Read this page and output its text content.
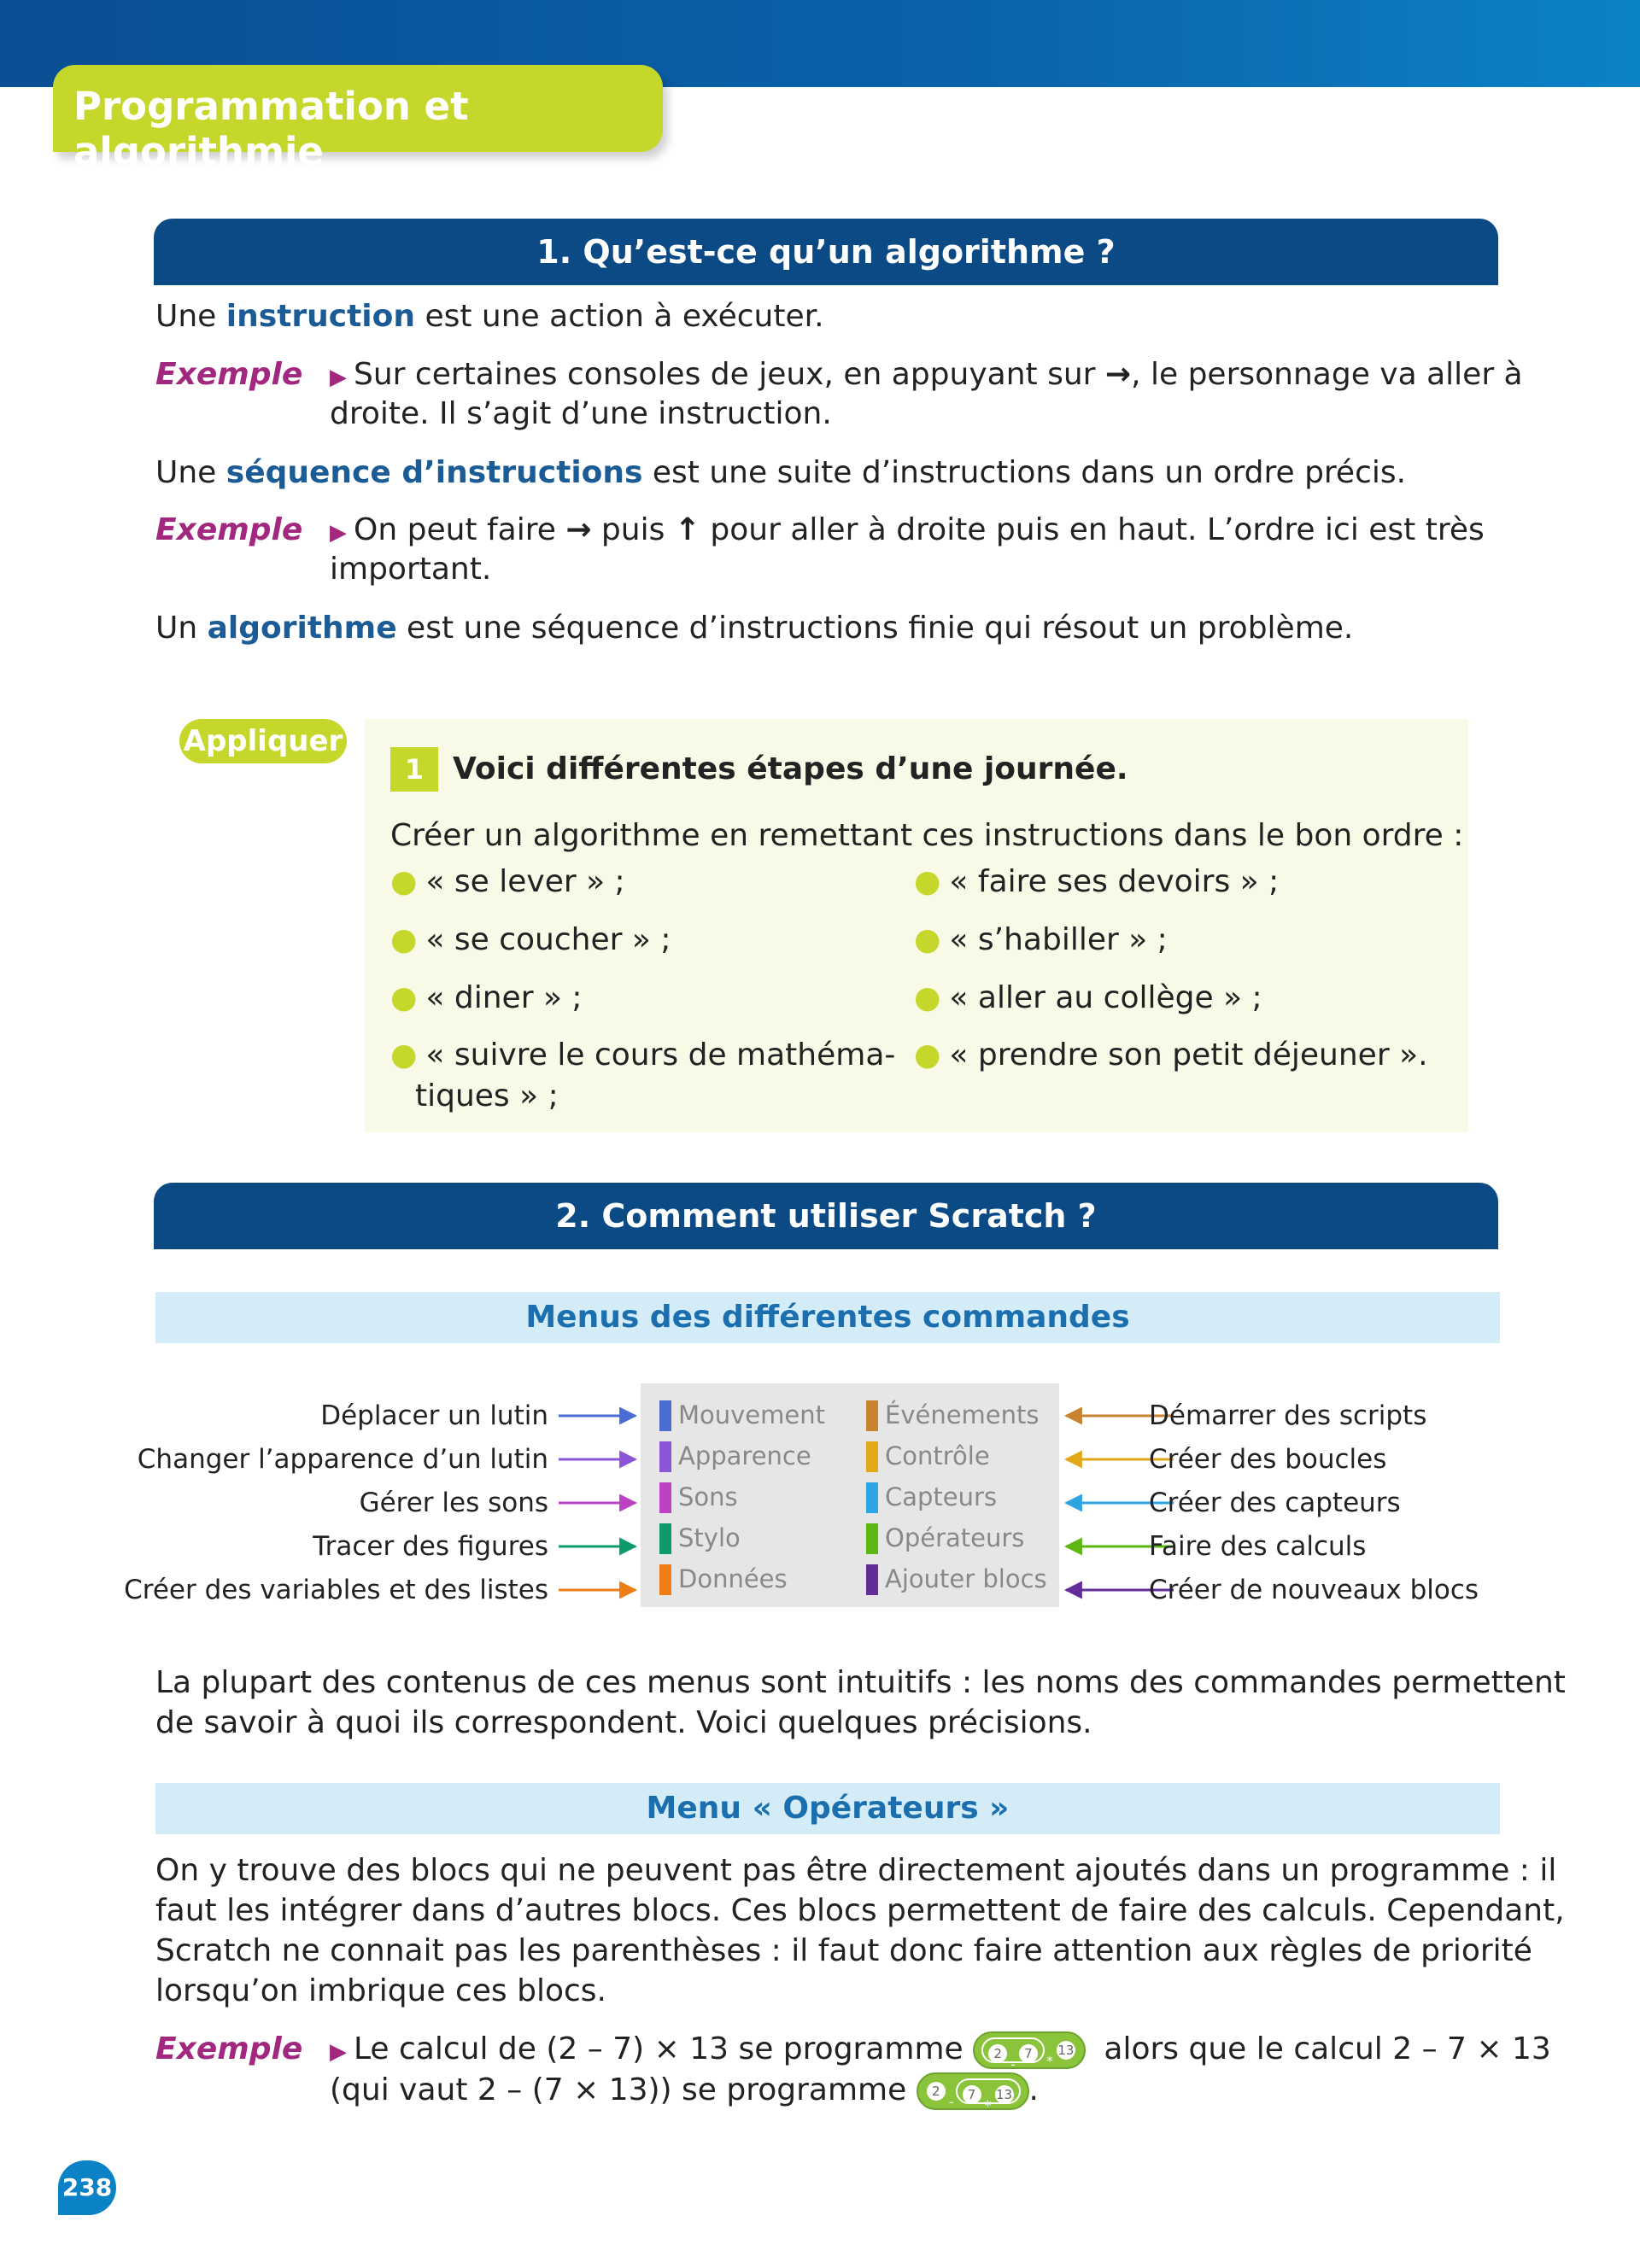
Programmation et algorithmie
1. Qu’est-ce qu’un algorithme ?
Une instruction est une action à exécuter.
Exemple ▶ Sur certaines consoles de jeux, en appuyant sur →, le personnage va aller à
droite. Il s’agit d’une instruction.
Une séquence d’instructions est une suite d’instructions dans un ordre précis.
Exemple ▶ On peut faire → puis ↑ pour aller à droite puis en haut. L’ordre ici est très
important.
Un algorithme est une séquence d’instructions finie qui résout un problème.
Appliquer
1 Voici différentes étapes d’une journée.
Créer un algorithme en remettant ces instructions dans le bon ordre :
● « se lever » ;
● « se coucher » ;
● « diner » ;
● « suivre le cours de mathéma-
tiques » ;
● « faire ses devoirs » ;
● « s’habiller » ;
● « aller au collège » ;
● « prendre son petit déjeuner ».
2. Comment utiliser Scratch ?
Menus des différentes commandes
Déplacer un lutin
Changer l’apparence d’un lutin
Gérer les sons
Tracer des figures
Créer des variables et des listes
Mouvement
Apparence
Sons
Stylo
Données
Événements
Contrôle
Capteurs
Opérateurs
Ajouter blocs
Démarrer des scripts
Créer des boucles
Créer des capteurs
Faire des calculs
Créer de nouveaux blocs
La plupart des contenus de ces menus sont intuitifs : les noms des commandes permettent
de savoir à quoi ils correspondent. Voici quelques précisions.
Menu « Opérateurs »
On y trouve des blocs qui ne peuvent pas être directement ajoutés dans un programme : il
faut les intégrer dans d’autres blocs. Ces blocs permettent de faire des calculs. Cependant,
Scratch ne connait pas les parenthèses : il faut donc faire attention aux règles de priorité
lorsqu’on imbrique ces blocs.
Exemple ▶ Le calcul de (2 – 7) × 13 se programme 2-7 *13 alors que le calcul 2 – 7 × 13
(qui vaut 2 – (7 × 13)) se programme 2- 7*13 .
238
